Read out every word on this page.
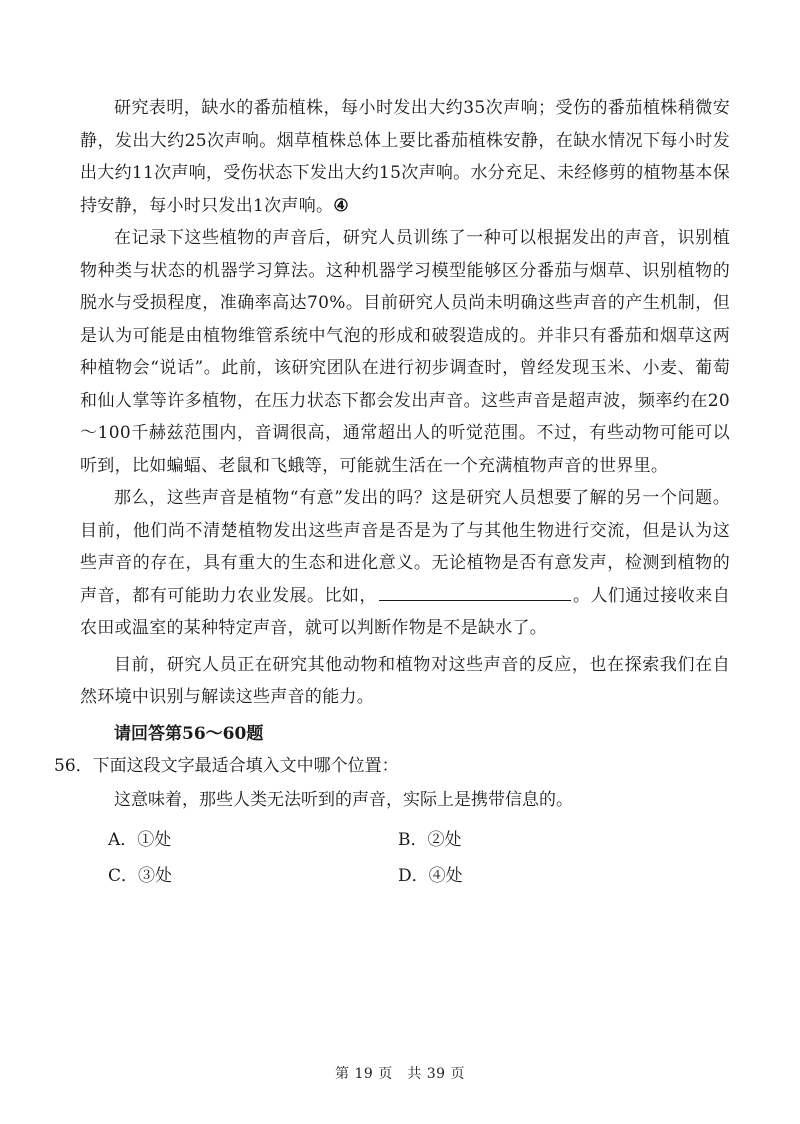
研究表明，缺水的番茄植株，每小时发出大约35次声响；受伤的番茄植株稍微安静，发出大约25次声响。烟草植株总体上要比番茄植株安静，在缺水情况下每小时发出大约11次声响，受伤状态下发出大约15次声响。水分充足、未经修剪的植物基本保持安静，每小时只发出1次声响。④

在记录下这些植物的声音后，研究人员训练了一种可以根据发出的声音，识别植物种类与状态的机器学习算法。这种机器学习模型能够区分番茄与烟草、识别植物的脱水与受损程度，准确率高达70%。目前研究人员尚未明确这些声音的产生机制，但是认为可能是由植物维管系统中气泡的形成和破裂造成的。并非只有番茄和烟草这两种植物会“说话”。此前，该研究团队在进行初步调查时，曾经发现玉米、小麦、葡萄和仙人掌等许多植物，在压力状态下都会发出声音。这些声音是超声波，频率约在20～100千赫兹范围内，音调很高，通常超出人的听觉范围。不过，有些动物可能可以听到，比如蝙蝠、老鼠和飞蛾等，可能就生活在一个充满植物声音的世界里。

那么，这些声音是植物“有意”发出的吗？这是研究人员想要了解的另一个问题。目前，他们尚不清楚植物发出这些声音是否是为了与其他生物进行交流，但是认为这些声音的存在，具有重大的生态和进化意义。无论植物是否有意发声，检测到植物的声音，都有可能助力农业发展。比如，	。人们通过接收来自农田或温室的某种特定声音，就可以判断作物是不是缺水了。

目前，研究人员正在研究其他动物和植物对这些声音的反应，也在探索我们在自然环境中识别与解读这些声音的能力。

请回答第56～60题

56．下面这段文字最适合填入文中哪个位置：

这意味着，那些人类无法听到的声音，实际上是携带信息的。

A．①处	B．②处
C．③处	D．④处
第 19 页　共 39 页
